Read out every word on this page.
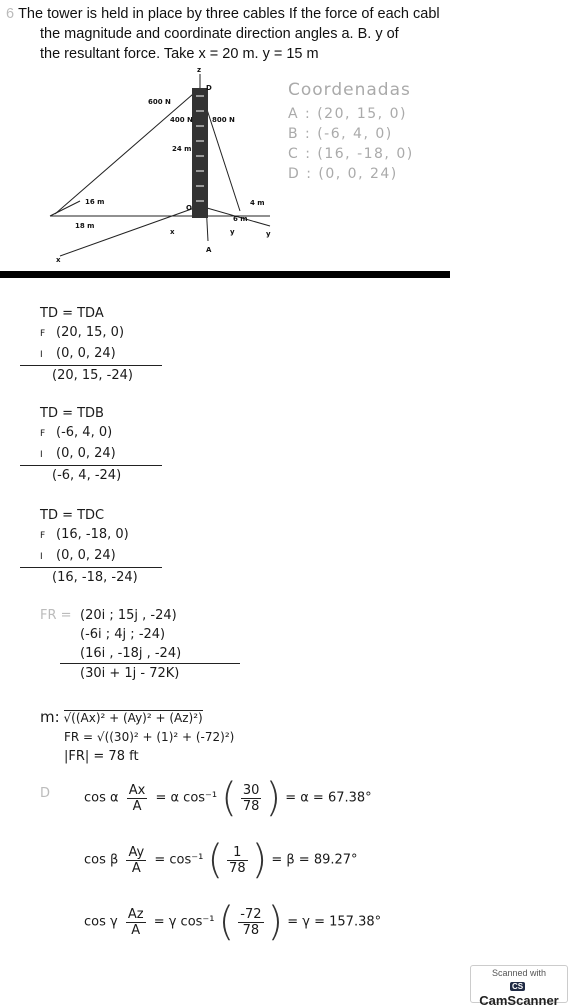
6 The tower is held in place by three cables If the force of each cabl
the magnitude and coordinate direction angles a. B. y of
the resultant force. Take x = 20 m. y = 15 m
z
D
600 N
400 N	800 N
24 m
O
16 m
18 m
4 m
6 m
x	y
A
x
y
Coordenadas
A : (20, 15, 0)
B : (-6, 4, 0)
C : (16, -18, 0)
D : (0, 0, 24)
TD = TDA
F (20, 15, 0)
I (0, 0, 24)
(20, 15, -24)
TD = TDB
F (-6, 4, 0)
I (0, 0, 24)
(-6, 4, -24)
TD = TDC
F (16, -18, 0)
I (0, 0, 24)
(16, -18, -24)
FR = (20i ; 15j , -24)
(-6i ; 4j ; -24)
(16i , -18j , -24)
(30i + 1j - 72K)
m: √((Ax)² + (Ay)² + (Az)²)
FR = √((30)² + (1)² + (-72)²)
|FR| = 78 ft
D	cos α $\frac{Ax}{A} = \alpha$ cos⁻¹ ( $\frac{30}{78}$ ) = α = 67.38°
cos β $\frac{Ay}{A} = \cos^{-1}$ ( $\frac{1}{78}$ ) = β = 89.27°
cos γ $\frac{Az}{A} = \gamma$ cos⁻¹ ( $\frac{-72}{78}$ ) = γ = 157.38°
Scanned with
CSCamScanner
